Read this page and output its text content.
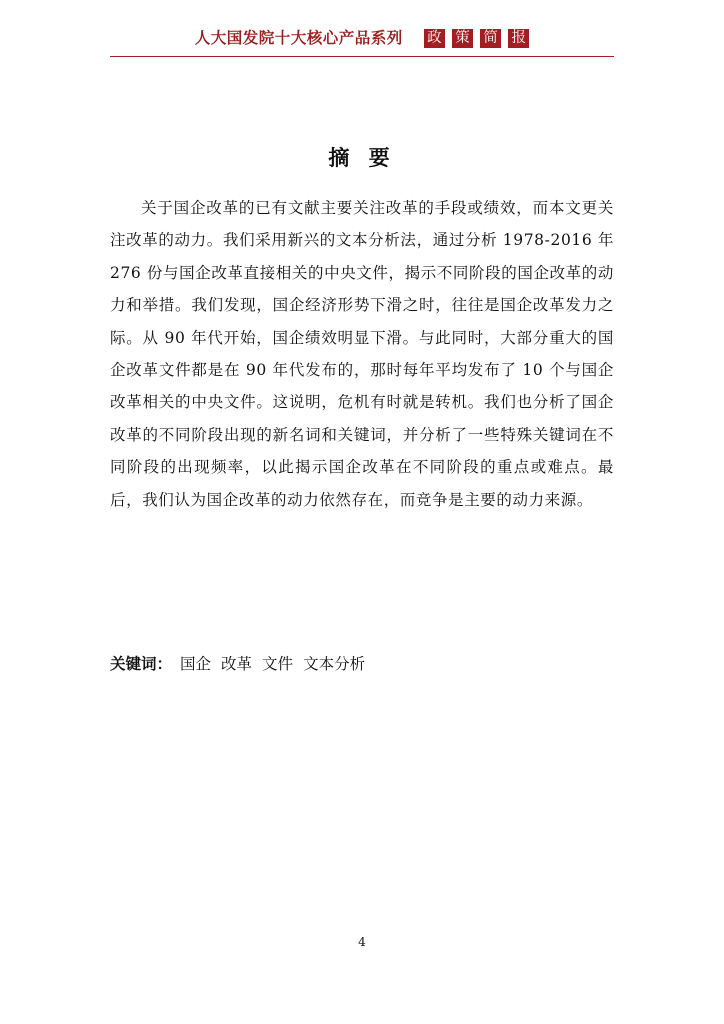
人大国发院十大核心产品系列 政 策 简 报
摘 要

关于国企改革的已有文献主要关注改革的手段或绩效，而本文更关注改革的动力。我们采用新兴的文本分析法，通过分析 1978-2016 年 276 份与国企改革直接相关的中央文件，揭示不同阶段的国企改革的动力和举措。我们发现，国企经济形势下滑之时，往往是国企改革发力之际。从 90 年代开始，国企绩效明显下滑。与此同时，大部分重大的国企改革文件都是在 90 年代发布的，那时每年平均发布了 10 个与国企改革相关的中央文件。这说明，危机有时就是转机。我们也分析了国企改革的不同阶段出现的新名词和关键词，并分析了一些特殊关键词在不同阶段的出现频率，以此揭示国企改革在不同阶段的重点或难点。最后，我们认为国企改革的动力依然存在，而竞争是主要的动力来源。

关键词： 国企 改革 文件 文本分析
4
